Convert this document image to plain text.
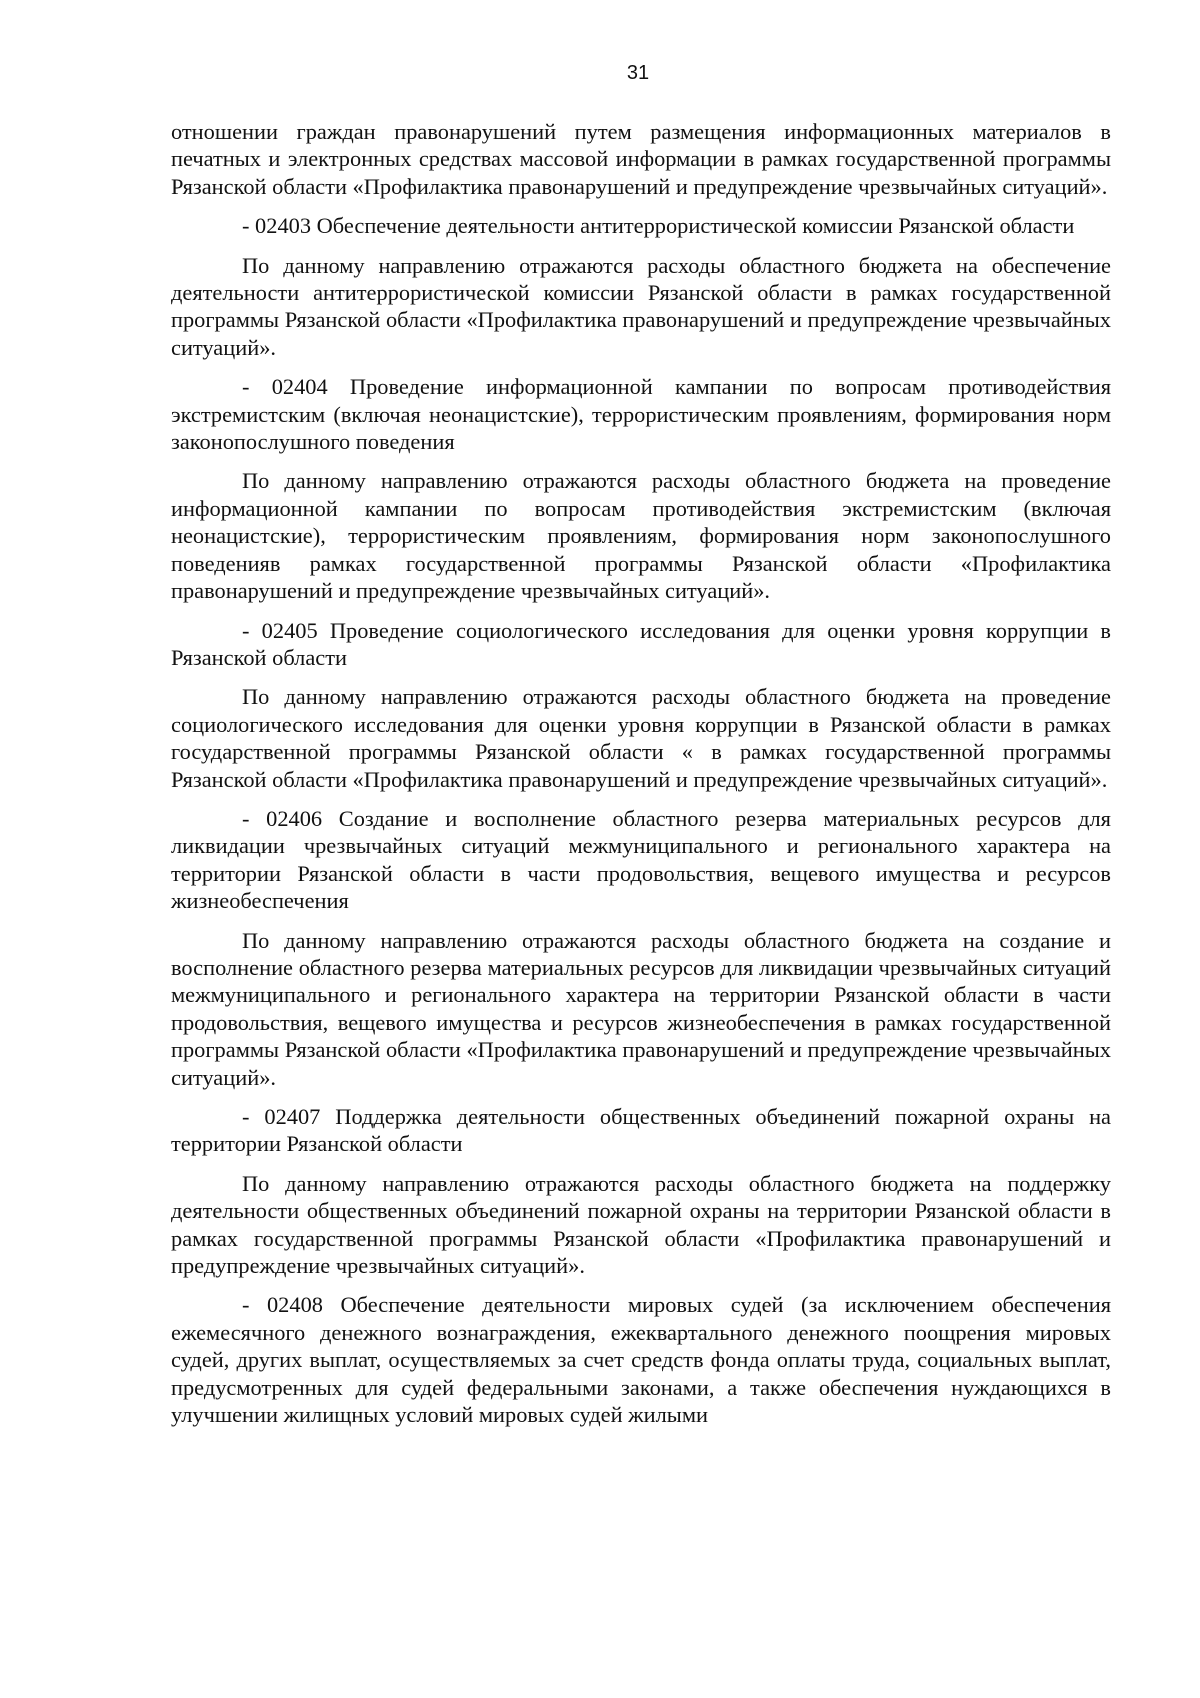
31

отношении граждан правонарушений путем размещения информационных материалов в печатных и электронных средствах массовой информации в рамках государственной программы Рязанской области «Профилактика правонарушений и предупреждение чрезвычайных ситуаций».

- 02403 Обеспечение деятельности антитеррористической комиссии Рязанской области

По данному направлению отражаются расходы областного бюджета на обеспечение деятельности антитеррористической комиссии Рязанской области в рамках государственной программы Рязанской области «Профилактика правонарушений и предупреждение чрезвычайных ситуаций».

- 02404 Проведение информационной кампании по вопросам противодействия экстремистским (включая неонацистские), террористическим проявлениям, формирования норм законопослушного поведения

По данному направлению отражаются расходы областного бюджета на проведение информационной кампании по вопросам противодействия экстремистским (включая неонацистские), террористическим проявлениям, формирования норм законопослушного поведенияв рамках государственной программы Рязанской области «Профилактика правонарушений и предупреждение чрезвычайных ситуаций».

- 02405 Проведение социологического исследования для оценки уровня коррупции в Рязанской области

По данному направлению отражаются расходы областного бюджета на проведение социологического исследования для оценки уровня коррупции в Рязанской области в рамках государственной программы Рязанской области « в рамках государственной программы Рязанской области «Профилактика правонарушений и предупреждение чрезвычайных ситуаций».

- 02406 Создание и восполнение областного резерва материальных ресурсов для ликвидации чрезвычайных ситуаций межмуниципального и регионального характера на территории Рязанской области в части продовольствия, вещевого имущества и ресурсов жизнеобеспечения

По данному направлению отражаются расходы областного бюджета на создание и восполнение областного резерва материальных ресурсов для ликвидации чрезвычайных ситуаций межмуниципального и регионального характера на территории Рязанской области в части продовольствия, вещевого имущества и ресурсов жизнеобеспечения в рамках государственной программы Рязанской области «Профилактика правонарушений и предупреждение чрезвычайных ситуаций».

- 02407 Поддержка деятельности общественных объединений пожарной охраны на территории Рязанской области

По данному направлению отражаются расходы областного бюджета на поддержку деятельности общественных объединений пожарной охраны на территории Рязанской области в рамках государственной программы Рязанской области «Профилактика правонарушений и предупреждение чрезвычайных ситуаций».

- 02408 Обеспечение деятельности мировых судей (за исключением обеспечения ежемесячного денежного вознаграждения, ежеквартального денежного поощрения мировых судей, других выплат, осуществляемых за счет средств фонда оплаты труда, социальных выплат, предусмотренных для судей федеральными законами, а также обеспечения нуждающихся в улучшении жилищных условий мировых судей жилыми
